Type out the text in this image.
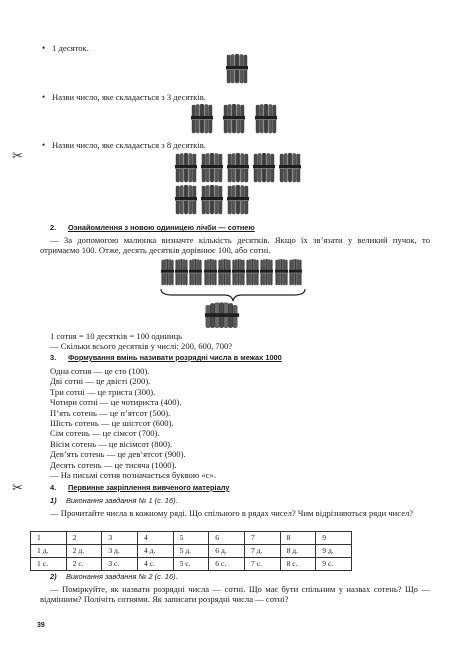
• 1 десяток.
• Назви число, яке складається з 3 десятків.
✂
• Назви число, яке складається з 8 десятків.
2. Ознайомлення з новою одиницею лічби — сотнею
— За допомогою малюнка визначте кількість десятків. Якщо їх зв’язати у великий пучок, то отримаємо 100. Отже, десять десятків дорівнює 100, або сотні.
1 сотня = 10 десятків = 100 одиниць
— Скільки всього десятків у числі: 200, 600, 700?
3. Формування вмінь називати розрядні числа в межах 1000
Одна сотня — це сто (100).
Дві сотні — це двісті (200).
Три сотні — це триста (300).
Чотири сотні — це чотириста (400).
П’ять сотень — це п’ятсот (500).
Шість сотень — це шістсот (600).
Сім сотень — це сімсот (700).
Вісім сотень — це вісімсот (800).
Дев’ять сотень — це дев’ятсот (900).
Десять сотень — це тисяча (1000).
— На письмі сотня позначається буквою «с».
✂	4. Первинне закріплення вивченого матеріалу
1) Виконання завдання № 1 (с. 16).
— Прочитайте числа в кожному ряді. Що спільного в рядах чисел? Чим відрізняються ряди чисел?
1	2	3	4	5	6	7	8	9
1 д.	2 д.	3 д.	4 д.	5 д.	6 д.	7 д.	8 д.	9 д.
1 с.	2 с.	3 с.	4 с.	5 с.	6 с.	7 с.	8 с.	9 с.
2) Виконання завдання № 2 (с. 16).
— Поміркуйте, як назвати розрядні числа — сотні. Що має бути спільним у назвах сотень? Що — відмінним? Полічіть сотнями. Як записати розрядні числа — сотні?
39
